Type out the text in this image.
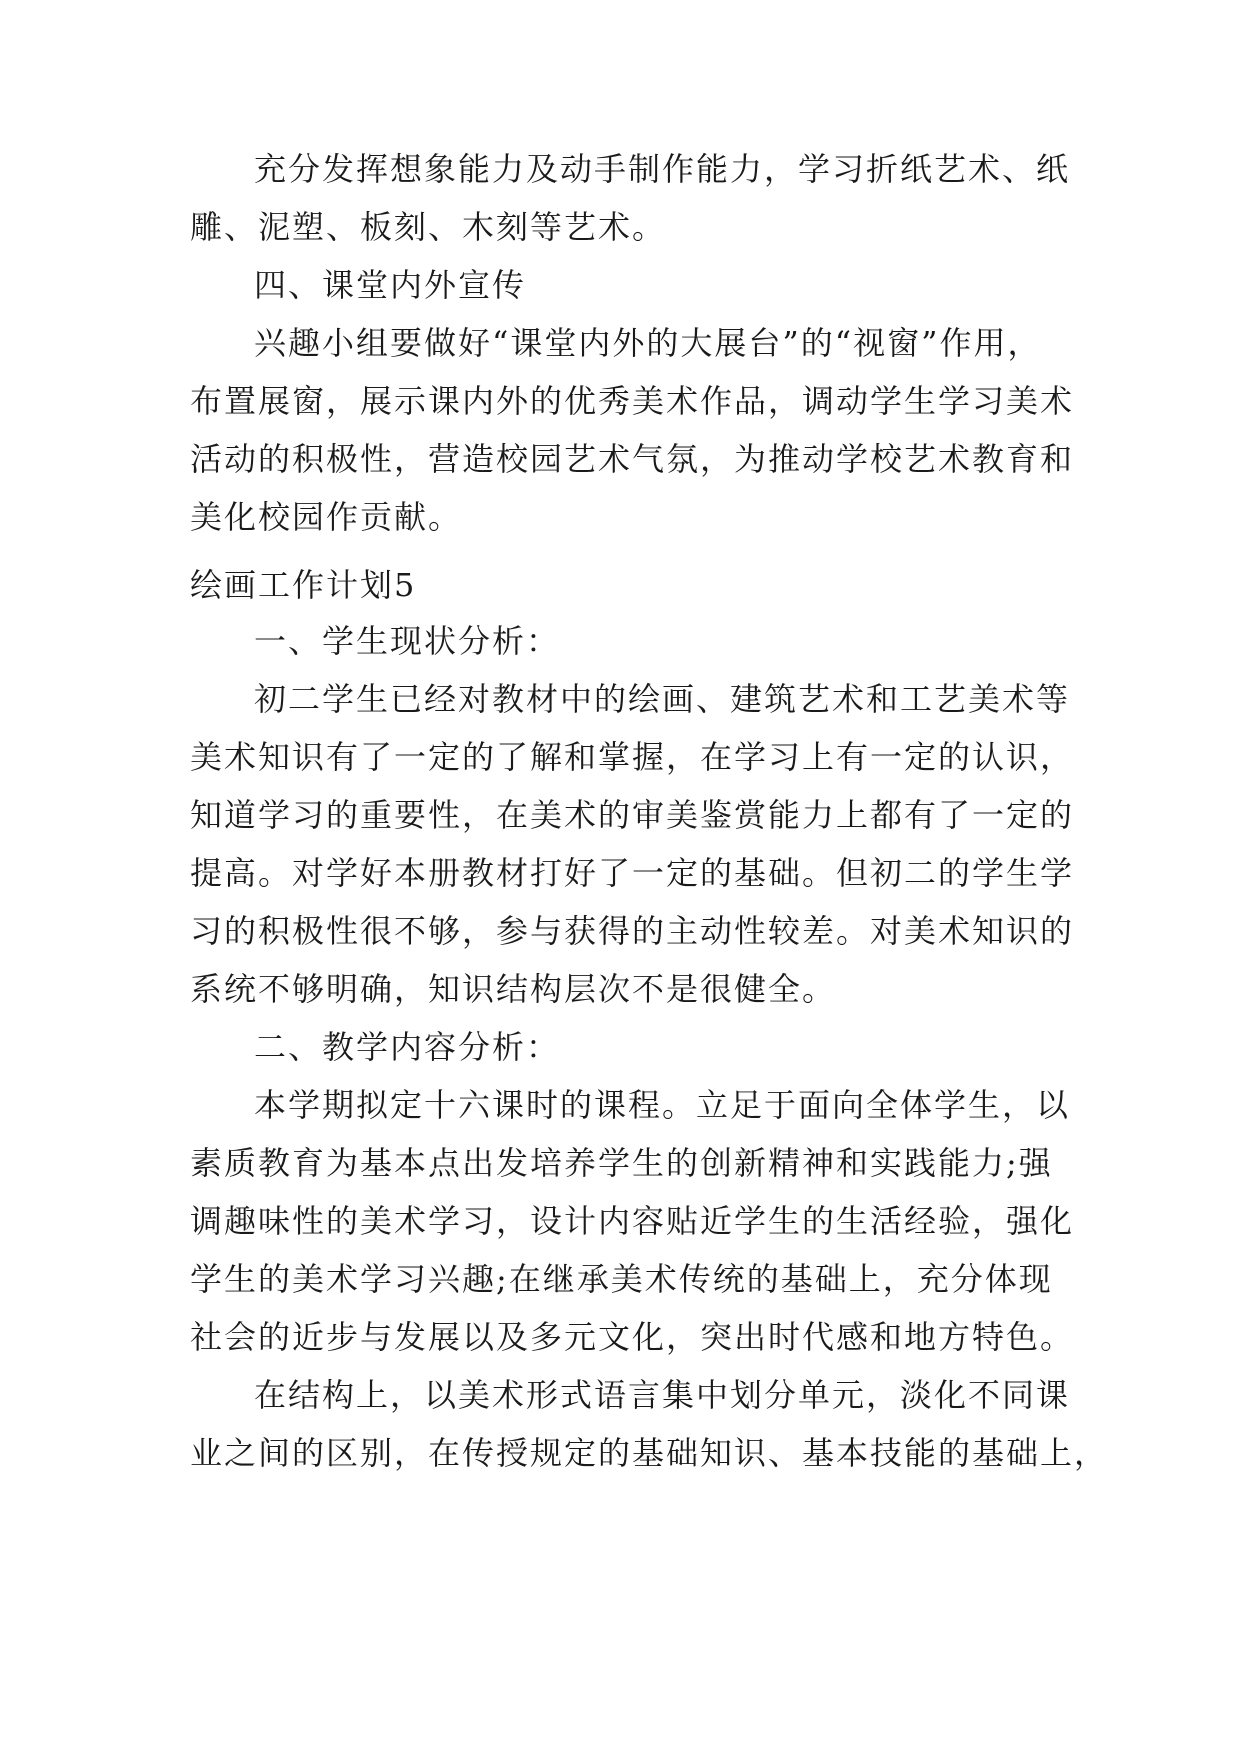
充分发挥想象能力及动手制作能力，学习折纸艺术、纸
雕、泥塑、板刻、木刻等艺术。
四、课堂内外宣传
兴趣小组要做好“课堂内外的大展台”的“视窗”作用，
布置展窗，展示课内外的优秀美术作品，调动学生学习美术
活动的积极性，营造校园艺术气氛，为推动学校艺术教育和
美化校园作贡献。
绘画工作计划5
一、学生现状分析：
初二学生已经对教材中的绘画、建筑艺术和工艺美术等
美术知识有了一定的了解和掌握，在学习上有一定的认识，
知道学习的重要性，在美术的审美鉴赏能力上都有了一定的
提高。对学好本册教材打好了一定的基础。但初二的学生学
习的积极性很不够，参与获得的主动性较差。对美术知识的
系统不够明确，知识结构层次不是很健全。
二、教学内容分析：
本学期拟定十六课时的课程。立足于面向全体学生，以
素质教育为基本点出发培养学生的创新精神和实践能力;强
调趣味性的美术学习，设计内容贴近学生的生活经验，强化
学生的美术学习兴趣;在继承美术传统的基础上，充分体现
社会的近步与发展以及多元文化，突出时代感和地方特色。
在结构上，以美术形式语言集中划分单元，淡化不同课
业之间的区别，在传授规定的基础知识、基本技能的基础上，
